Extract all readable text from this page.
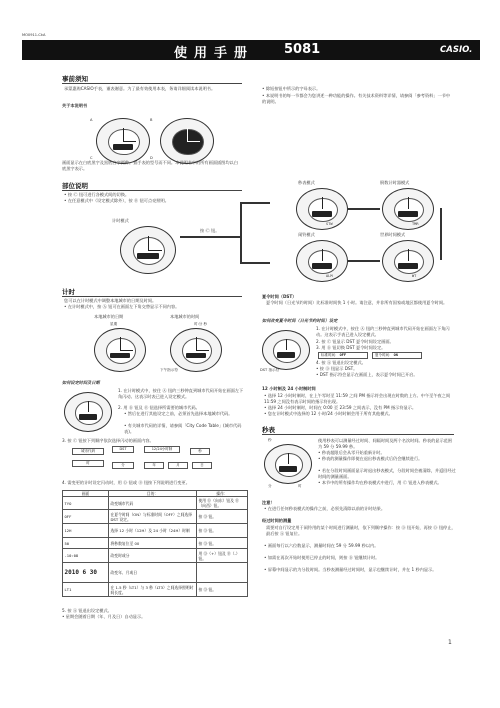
MO0911-CkA
使用手册 5081	CASIO.
事前须知
承蒙惠购CASIO手表，谨表谢意。为了最有效使用本表，务请详细阅读本说明书。
关于本说明书
A	B
C	D
画面显示在白底黑字及黑底白字两种。插手表的型号而不同。本说明书中的所有画面插图均以白底黑字表示。
• 除短按钮中所示的字母表示。
• 本说明书的每一节都会为您讲述一种功能的操作。有关技术资料等详情，请参阅「参考资料」一节中的说明。
部位说明
• 按 Ⓒ 钮可进行各模式间的切换。
• 在任意模式中（设定模式除外），按 Ⓑ 钮可点亮照明。
计时模式
按 Ⓒ 钮。
秒表模式
STW
倒数计时器模式
TMR
闹铃模式
ALM
世界时间模式
WT
计时
您可以在计时模式中调整本地城市的日期及时间。
• 在计时模式中，按 Ⓐ 钮可在画面左下角交替显示不同内容。
本地城市的日期	本地城市的时间
星期	时:分 秒
下午指示符
如何设定时间及日期
1. 在计时模式中，按住 Ⓐ 钮约三秒钟直到城市代码开始在画面左下角闪动。这表示时表已进入设定模式。
2. 用 Ⓓ 钮及 Ⓑ 钮选择所需要的城市代码。
• 然后在进行其他设定之前，必须首先选择本地城市代码。
• 有关城市代码的详情，请参阅「City Code Table」(城市代码表)。
3. 按 Ⓒ 钮按下列顺序依次选择闪动的画面内容。
城市代码	DST	12/24小时制	秒
时	分	年	月	日
4. 需变更的计时设定闪动时，用 Ⓓ 钮或 Ⓑ 钮按下列说明进行变更。
画面	目的：	操作：
TYO	改变城市代码	使用 Ⓓ（向东）钮及 Ⓑ（向西）钮。
OFF	在夏令时间（ON）与标准时间（OFF）之间选择 DST 设定。	按 Ⓓ 钮。
12H	选择 12 小时（12H）及 24 小时（24H）时制	按 Ⓓ 钮。
50	将秒数复位至 00	按 Ⓓ 钮。
-10:08	改变时或分	用 Ⓓ（+）钮及 Ⓑ（-）钮。
2010 6 30	改变年、月或日	
LT1	在 1.5 秒（LT1）与 3 秒（LT3）之间选择照明时间长度。	按 Ⓓ 钮。
5. 按 Ⓐ 钮退出设定模式。
• 星期会随着日期（年、月及日）自动显示。
夏令时间（DST）
夏令时间（日光节约时间）比标准时间快 1 小时。请注意，并非所有国家或地区都使用夏令时间。
如何改变夏令时间（日光节约时间）设定
DST 指示符
1. 在计时模式中，按住 Ⓐ 钮约三秒钟直到城市代码开始在画面左下角闪动。这表示手表已进入设定模式。
2. 按 Ⓒ 钮显示 DST 夏令时间设定画面。
3. 用 Ⓓ 钮切换 DST 夏令时间设定。
标准时间： OFF	夏令时间： ON
4. 按 Ⓐ 钮退出设定模式。
• 按 Ⓓ 钮显示 DST。
• DST 指示符会显示在画面上，表示夏令时间已开启。
12 小时制及 24 小时制时间
• 选择 12 小时时制时，在上午零时至 11:59 之间 PM 指示符会出现在时数的上方。中午至午夜之间 11:59 之间没有表示时间的指示符出现。
• 选择 24 小时时制时，时间在 0:00 至 23:59 之间表示，没有 PM 指示符显示。
• 您在计时模式中选择的 12 小时/24 小时时制会用于所有其他模式。
秒表
秒
分	时
使用秒表可以测量经过时间、间隔时间及两个名次时间。秒表的显示范围为 59 分 59.99 秒。
• 秒表超限后会从零开始重新计时。
• 秒表的测量操作即使在退出秒表模式后仍会继续进行。
• 若在分段时间画面显示时退出秒表模式，分段时间会被清除，并返回经过时间的测量画面。
• 本节中的所有操作均在秒表模式中进行，用 Ⓒ 钮进入秒表模式。
注意！
• 在进行任何秒表模式的操作之前，必须先清除以前的计时结果。
经过时间的测量
需要对自行设定用于闹铃用的某个时间进行测量时，依下列顺序操作：按 Ⓓ 钮开始，再按 Ⓓ 钮停止，最后按 Ⓐ 钮复位。
• 画面每行以六位数显示，测量时间在 59 分 59.99 秒以内。
• 如需在再次开始时使用已停止的时间，则按 Ⓓ 钮继续计时。
• 屏幕中间显示的为分段时间。当秒表测量经过时间时，显示也继续计时，并在 1 秒内显示。
1
